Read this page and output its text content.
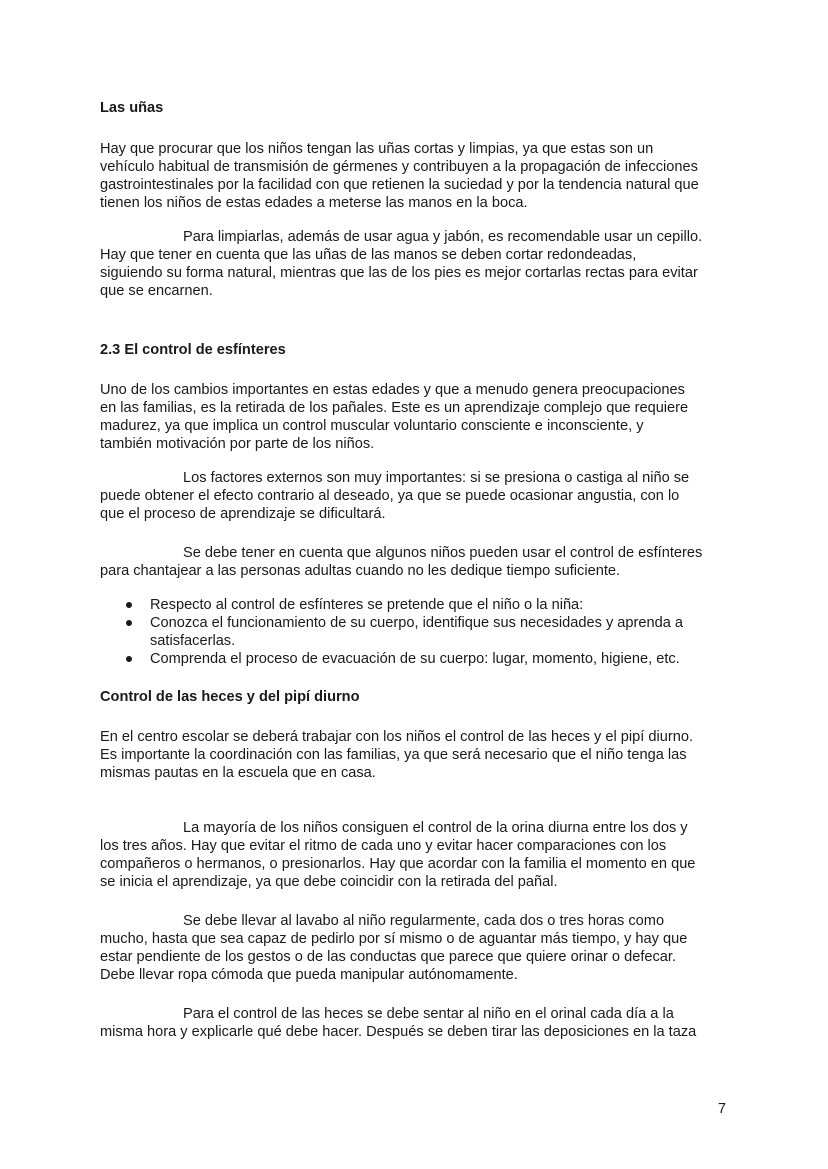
Las uñas

Hay que procurar que los niños tengan las uñas cortas y limpias, ya que estas son un
vehículo habitual de transmisión de gérmenes y contribuyen a la propagación de infecciones
gastrointestinales por la facilidad con que retienen la suciedad y por la tendencia natural que
tienen los niños de estas edades a meterse las manos en la boca.

Para limpiarlas, además de usar agua y jabón, es recomendable usar un cepillo.
Hay que tener en cuenta que las uñas de las manos se deben cortar redondeadas,
siguiendo su forma natural, mientras que las de los pies es mejor cortarlas rectas para evitar
que se encarnen.

2.3 El control de esfínteres

Uno de los cambios importantes en estas edades y que a menudo genera preocupaciones
en las familias, es la retirada de los pañales. Este es un aprendizaje complejo que requiere
madurez, ya que implica un control muscular voluntario consciente e inconsciente, y
también motivación por parte de los niños.

Los factores externos son muy importantes: si se presiona o castiga al niño se
puede obtener el efecto contrario al deseado, ya que se puede ocasionar angustia, con lo
que el proceso de aprendizaje se dificultará.

Se debe tener en cuenta que algunos niños pueden usar el control de esfínteres
para chantajear a las personas adultas cuando no les dedique tiempo suficiente.

Respecto al control de esfínteres se pretende que el niño o la niña:
Conozca el funcionamiento de su cuerpo, identifique sus necesidades y aprenda a
satisfacerlas.
Comprenda el proceso de evacuación de su cuerpo: lugar, momento, higiene, etc.

Control de las heces y del pipí diurno

En el centro escolar se deberá trabajar con los niños el control de las heces y el pipí diurno.
Es importante la coordinación con las familias, ya que será necesario que el niño tenga las
mismas pautas en la escuela que en casa.

La mayoría de los niños consiguen el control de la orina diurna entre los dos y
los tres años. Hay que evitar el ritmo de cada uno y evitar hacer comparaciones con los
compañeros o hermanos, o presionarlos. Hay que acordar con la familia el momento en que
se inicia el aprendizaje, ya que debe coincidir con la retirada del pañal.

Se debe llevar al lavabo al niño regularmente, cada dos o tres horas como
mucho, hasta que sea capaz de pedirlo por sí mismo o de aguantar más tiempo, y hay que
estar pendiente de los gestos o de las conductas que parece que quiere orinar o defecar.
Debe llevar ropa cómoda que pueda manipular autónomamente.

Para el control de las heces se debe sentar al niño en el orinal cada día a la
misma hora y explicarle qué debe hacer. Después se deben tirar las deposiciones en la taza

7
